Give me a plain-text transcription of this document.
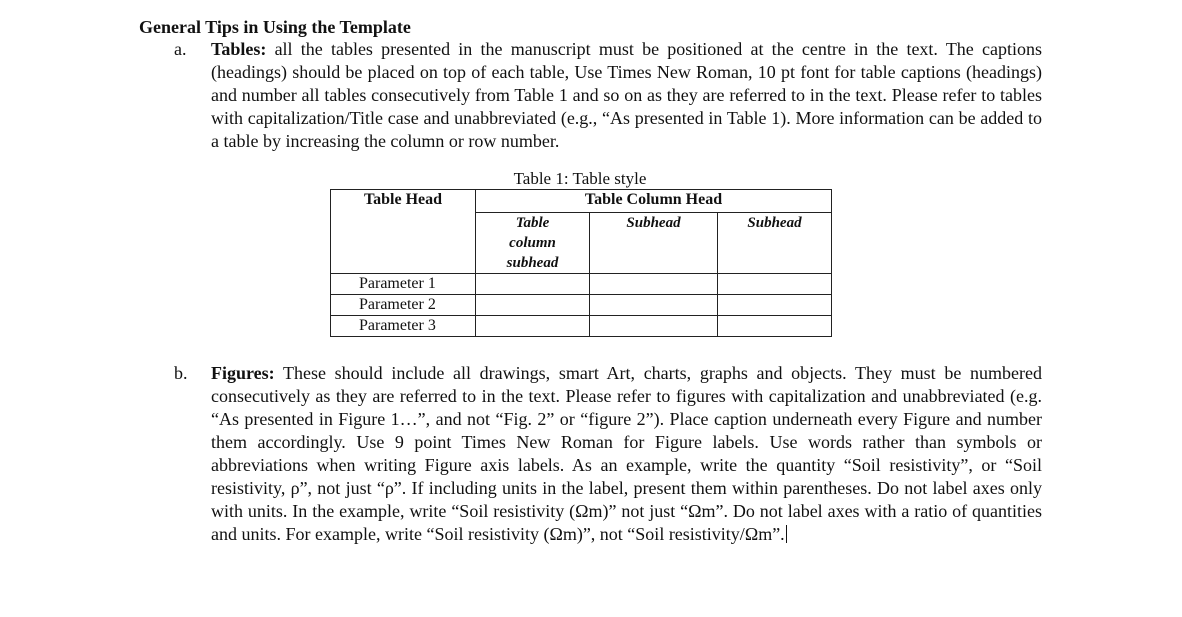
General Tips in Using the Template
a.	Tables: all the tables presented in the manuscript must be positioned at the centre in the text. The captions (headings) should be placed on top of each table, Use Times New Roman, 10 pt font for table captions (headings) and number all tables consecutively from Table 1 and so on as they are referred to in the text. Please refer to tables with capitalization/Title case and unabbreviated (e.g., “As presented in Table 1). More information can be added to a table by increasing the column or row number.
Table 1: Table style
Table Head	Table Column Head		
	Table column subhead	Subhead	Subhead
Parameter 1			
Parameter 2			
Parameter 3			
b.	Figures: These should include all drawings, smart Art, charts, graphs and objects. They must be numbered consecutively as they are referred to in the text. Please refer to figures with capitalization and unabbreviated (e.g. “As presented in Figure 1…”, and not “Fig. 2” or “figure 2”). Place caption underneath every Figure and number them accordingly. Use 9 point Times New Roman for Figure labels. Use words rather than symbols or abbreviations when writing Figure axis labels. As an example, write the quantity “Soil resistivity”, or “Soil resistivity, ρ”, not just “ρ”. If including units in the label, present them within parentheses. Do not label axes only with units. In the example, write “Soil resistivity (Ωm)” not just “Ωm”. Do not label axes with a ratio of quantities and units. For example, write “Soil resistivity (Ωm)”, not “Soil resistivity/Ωm”.
